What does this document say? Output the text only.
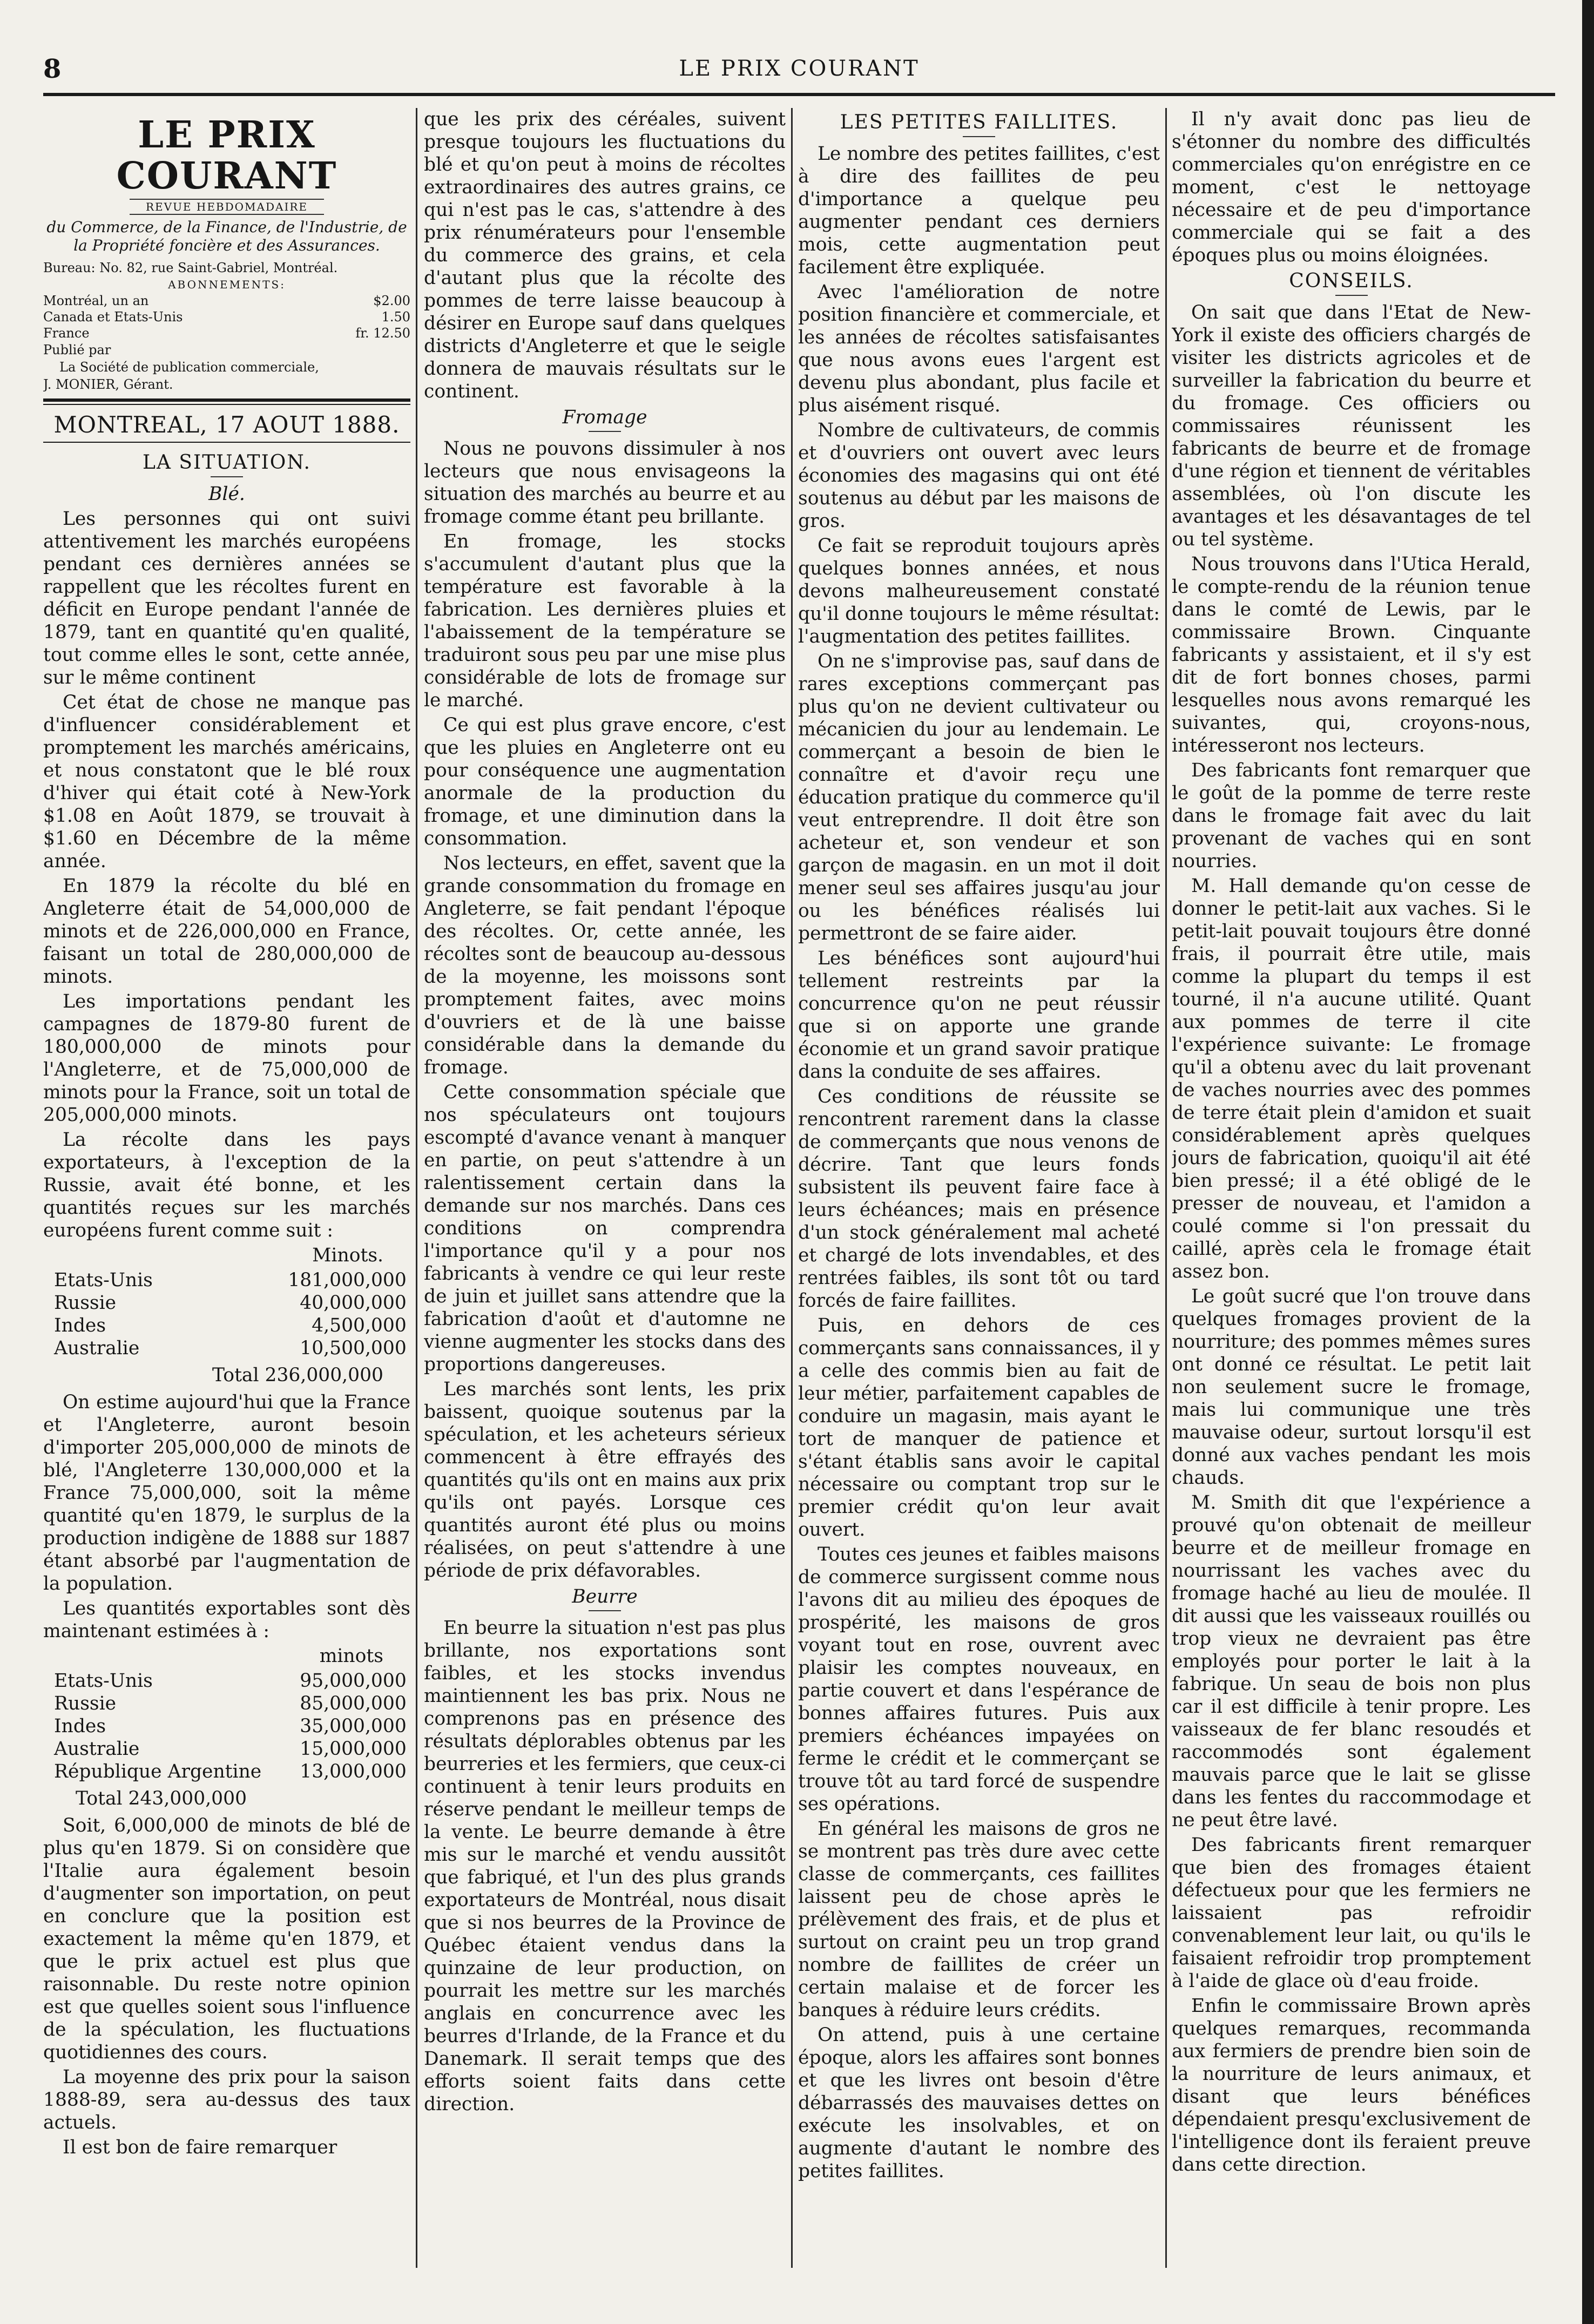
8	LE PRIX COURANT
LE PRIX COURANT
REVUE HEBDOMADAIRE
du Commerce, de la Finance, de l'Industrie, de la Propriété foncière et des Assurances.
Bureau: No. 82, rue Saint-Gabriel, Montréal.
ABONNEMENTS:
Montréal, un an	$2.00
Canada et Etats-Unis	1.50
France	fr. 12.50
Publié par
La Société de publication commerciale,
J. MONIER, Gérant.
MONTREAL, 17 AOUT 1888.
LA SITUATION.
Blé.

Les personnes qui ont suivi attentivement les marchés européens pendant ces dernières années se rappellent que les récoltes furent en déficit en Europe pendant l'année de 1879, tant en quantité qu'en qualité, tout comme elles le sont, cette année, sur le même continent

Cet état de chose ne manque pas d'influencer considérablement et promptement les marchés américains, et nous constatont que le blé roux d'hiver qui était coté à New-York $1.08 en Août 1879, se trouvait à $1.60 en Décembre de la même année.

En 1879 la récolte du blé en Angleterre était de 54,000,000 de minots et de 226,000,000 en France, faisant un total de 280,000,000 de minots.

Les importations pendant les campagnes de 1879-80 furent de 180,000,000 de minots pour l'Angleterre, et de 75,000,000 de minots pour la France, soit un total de 205,000,000 minots.

La récolte dans les pays exportateurs, à l'exception de la Russie, avait été bonne, et les quantités reçues sur les marchés européens furent comme suit :

Minots.
Etats-Unis	181,000,000
Russie	40,000,000
Indes	4,500,000
Australie	10,500,000
Total 236,000,000

On estime aujourd'hui que la France et l'Angleterre, auront besoin d'importer 205,000,000 de minots de blé, l'Angleterre 130,000,000 et la France 75,000,000, soit la même quantité qu'en 1879, le surplus de la production indigène de 1888 sur 1887 étant absorbé par l'augmentation de la population.

Les quantités exportables sont dès maintenant estimées à :

minots
Etats-Unis	95,000,000
Russie	85,000,000
Indes	35,000,000
Australie	15,000,000
République Argentine	13,000,000
Total 243,000,000

Soit, 6,000,000 de minots de blé de plus qu'en 1879. Si on considère que l'Italie aura également besoin d'augmenter son importation, on peut en conclure que la position est exactement la même qu'en 1879, et que le prix actuel est plus que raisonnable. Du reste notre opinion est que quelles soient sous l'influence de la spéculation, les fluctuations quotidiennes des cours.

La moyenne des prix pour la saison 1888-89, sera au-dessus des taux actuels.

Il est bon de faire remarquer

que les prix des céréales, suivent presque toujours les fluctuations du blé et qu'on peut à moins de récoltes extraordinaires des autres grains, ce qui n'est pas le cas, s'attendre à des prix rénumérateurs pour l'ensemble du commerce des grains, et cela d'autant plus que la récolte des pommes de terre laisse beaucoup à désirer en Europe sauf dans quelques districts d'Angleterre et que le seigle donnera de mauvais résultats sur le continent.

Fromage

Nous ne pouvons dissimuler à nos lecteurs que nous envisageons la situation des marchés au beurre et au fromage comme étant peu brillante.

En fromage, les stocks s'accumulent d'autant plus que la température est favorable à la fabrication. Les dernières pluies et l'abaissement de la température se traduiront sous peu par une mise plus considérable de lots de fromage sur le marché.

Ce qui est plus grave encore, c'est que les pluies en Angleterre ont eu pour conséquence une augmentation anormale de la production du fromage, et une diminution dans la consommation.

Nos lecteurs, en effet, savent que la grande consommation du fromage en Angleterre, se fait pendant l'époque des récoltes. Or, cette année, les récoltes sont de beaucoup au-dessous de la moyenne, les moissons sont promptement faites, avec moins d'ouvriers et de là une baisse considérable dans la demande du fromage.

Cette consommation spéciale que nos spéculateurs ont toujours escompté d'avance venant à manquer en partie, on peut s'attendre à un ralentissement certain dans la demande sur nos marchés. Dans ces conditions on comprendra l'importance qu'il y a pour nos fabricants à vendre ce qui leur reste de juin et juillet sans attendre que la fabrication d'août et d'automne ne vienne augmenter les stocks dans des proportions dangereuses.

Les marchés sont lents, les prix baissent, quoique soutenus par la spéculation, et les acheteurs sérieux commencent à être effrayés des quantités qu'ils ont en mains aux prix qu'ils ont payés. Lorsque ces quantités auront été plus ou moins réalisées, on peut s'attendre à une période de prix défavorables.

Beurre

En beurre la situation n'est pas plus brillante, nos exportations sont faibles, et les stocks invendus maintiennent les bas prix. Nous ne comprenons pas en présence des résultats déplorables obtenus par les beurreries et les fermiers, que ceux-ci continuent à tenir leurs produits en réserve pendant le meilleur temps de la vente. Le beurre demande à être mis sur le marché et vendu aussitôt que fabriqué, et l'un des plus grands exportateurs de Montréal, nous disait que si nos beurres de la Province de Québec étaient vendus dans la quinzaine de leur production, on pourrait les mettre sur les marchés anglais en concurrence avec les beurres d'Irlande, de la France et du Danemark. Il serait temps que des efforts soient faits dans cette direction.

LES PETITES FAILLITES.

Le nombre des petites faillites, c'est à dire des faillites de peu d'importance a quelque peu augmenter pendant ces derniers mois, cette augmentation peut facilement être expliquée.

Avec l'amélioration de notre position financière et commerciale, et les années de récoltes satisfaisantes que nous avons eues l'argent est devenu plus abondant, plus facile et plus aisément risqué.

Nombre de cultivateurs, de commis et d'ouvriers ont ouvert avec leurs économies des magasins qui ont été soutenus au début par les maisons de gros.

Ce fait se reproduit toujours après quelques bonnes années, et nous devons malheureusement constaté qu'il donne toujours le même résultat: l'augmentation des petites faillites.

On ne s'improvise pas, sauf dans de rares exceptions commerçant pas plus qu'on ne devient cultivateur ou mécanicien du jour au lendemain. Le commerçant a besoin de bien le connaître et d'avoir reçu une éducation pratique du commerce qu'il veut entreprendre. Il doit être son acheteur et, son vendeur et son garçon de magasin. en un mot il doit mener seul ses affaires jusqu'au jour ou les bénéfices réalisés lui permettront de se faire aider.

Les bénéfices sont aujourd'hui tellement restreints par la concurrence qu'on ne peut réussir que si on apporte une grande économie et un grand savoir pratique dans la conduite de ses affaires.

Ces conditions de réussite se rencontrent rarement dans la classe de commerçants que nous venons de décrire. Tant que leurs fonds subsistent ils peuvent faire face à leurs échéances; mais en présence d'un stock généralement mal acheté et chargé de lots invendables, et des rentrées faibles, ils sont tôt ou tard forcés de faire faillites.

Puis, en dehors de ces commerçants sans connaissances, il y a celle des commis bien au fait de leur métier, parfaitement capables de conduire un magasin, mais ayant le tort de manquer de patience et s'étant établis sans avoir le capital nécessaire ou comptant trop sur le premier crédit qu'on leur avait ouvert.

Toutes ces jeunes et faibles maisons de commerce surgissent comme nous l'avons dit au milieu des époques de prospérité, les maisons de gros voyant tout en rose, ouvrent avec plaisir les comptes nouveaux, en partie couvert et dans l'espérance de bonnes affaires futures. Puis aux premiers échéances impayées on ferme le crédit et le commerçant se trouve tôt au tard forcé de suspendre ses opérations.

En général les maisons de gros ne se montrent pas très dure avec cette classe de commerçants, ces faillites laissent peu de chose après le prélèvement des frais, et de plus et surtout on craint peu un trop grand nombre de faillites de créer un certain malaise et de forcer les banques à réduire leurs crédits.

On attend, puis à une certaine époque, alors les affaires sont bonnes et que les livres ont besoin d'être débarrassés des mauvaises dettes on exécute les insolvables, et on augmente d'autant le nombre des petites faillites.

Il n'y avait donc pas lieu de s'étonner du nombre des difficultés commerciales qu'on enrégistre en ce moment, c'est le nettoyage nécessaire et de peu d'importance commerciale qui se fait a des époques plus ou moins éloignées.

CONSEILS.

On sait que dans l'Etat de New-York il existe des officiers chargés de visiter les districts agricoles et de surveiller la fabrication du beurre et du fromage. Ces officiers ou commissaires réunissent les fabricants de beurre et de fromage d'une région et tiennent de véritables assemblées, où l'on discute les avantages et les désavantages de tel ou tel système.

Nous trouvons dans l'Utica Herald, le compte-rendu de la réunion tenue dans le comté de Lewis, par le commissaire Brown. Cinquante fabricants y assistaient, et il s'y est dit de fort bonnes choses, parmi lesquelles nous avons remarqué les suivantes, qui, croyons-nous, intéresseront nos lecteurs.

Des fabricants font remarquer que le goût de la pomme de terre reste dans le fromage fait avec du lait provenant de vaches qui en sont nourries.

M. Hall demande qu'on cesse de donner le petit-lait aux vaches. Si le petit-lait pouvait toujours être donné frais, il pourrait être utile, mais comme la plupart du temps il est tourné, il n'a aucune utilité. Quant aux pommes de terre il cite l'expérience suivante: Le fromage qu'il a obtenu avec du lait provenant de vaches nourries avec des pommes de terre était plein d'amidon et suait considérablement après quelques jours de fabrication, quoiqu'il ait été bien pressé; il a été obligé de le presser de nouveau, et l'amidon a coulé comme si l'on pressait du caillé, après cela le fromage était assez bon.

Le goût sucré que l'on trouve dans quelques fromages provient de la nourriture; des pommes mêmes sures ont donné ce résultat. Le petit lait non seulement sucre le fromage, mais lui communique une très mauvaise odeur, surtout lorsqu'il est donné aux vaches pendant les mois chauds.

M. Smith dit que l'expérience a prouvé qu'on obtenait de meilleur beurre et de meilleur fromage en nourrissant les vaches avec du fromage haché au lieu de moulée. Il dit aussi que les vaisseaux rouillés ou trop vieux ne devraient pas être employés pour porter le lait à la fabrique. Un seau de bois non plus car il est difficile à tenir propre. Les vaisseaux de fer blanc resoudés et raccommodés sont également mauvais parce que le lait se glisse dans les fentes du raccommodage et ne peut être lavé.

Des fabricants firent remarquer que bien des fromages étaient défectueux pour que les fermiers ne laissaient pas refroidir convenablement leur lait, ou qu'ils le faisaient refroidir trop promptement à l'aide de glace où d'eau froide.

Enfin le commissaire Brown après quelques remarques, recommanda aux fermiers de prendre bien soin de la nourriture de leurs animaux, et disant que leurs bénéfices dépendaient presqu'exclusivement de l'intelligence dont ils feraient preuve dans cette direction.
